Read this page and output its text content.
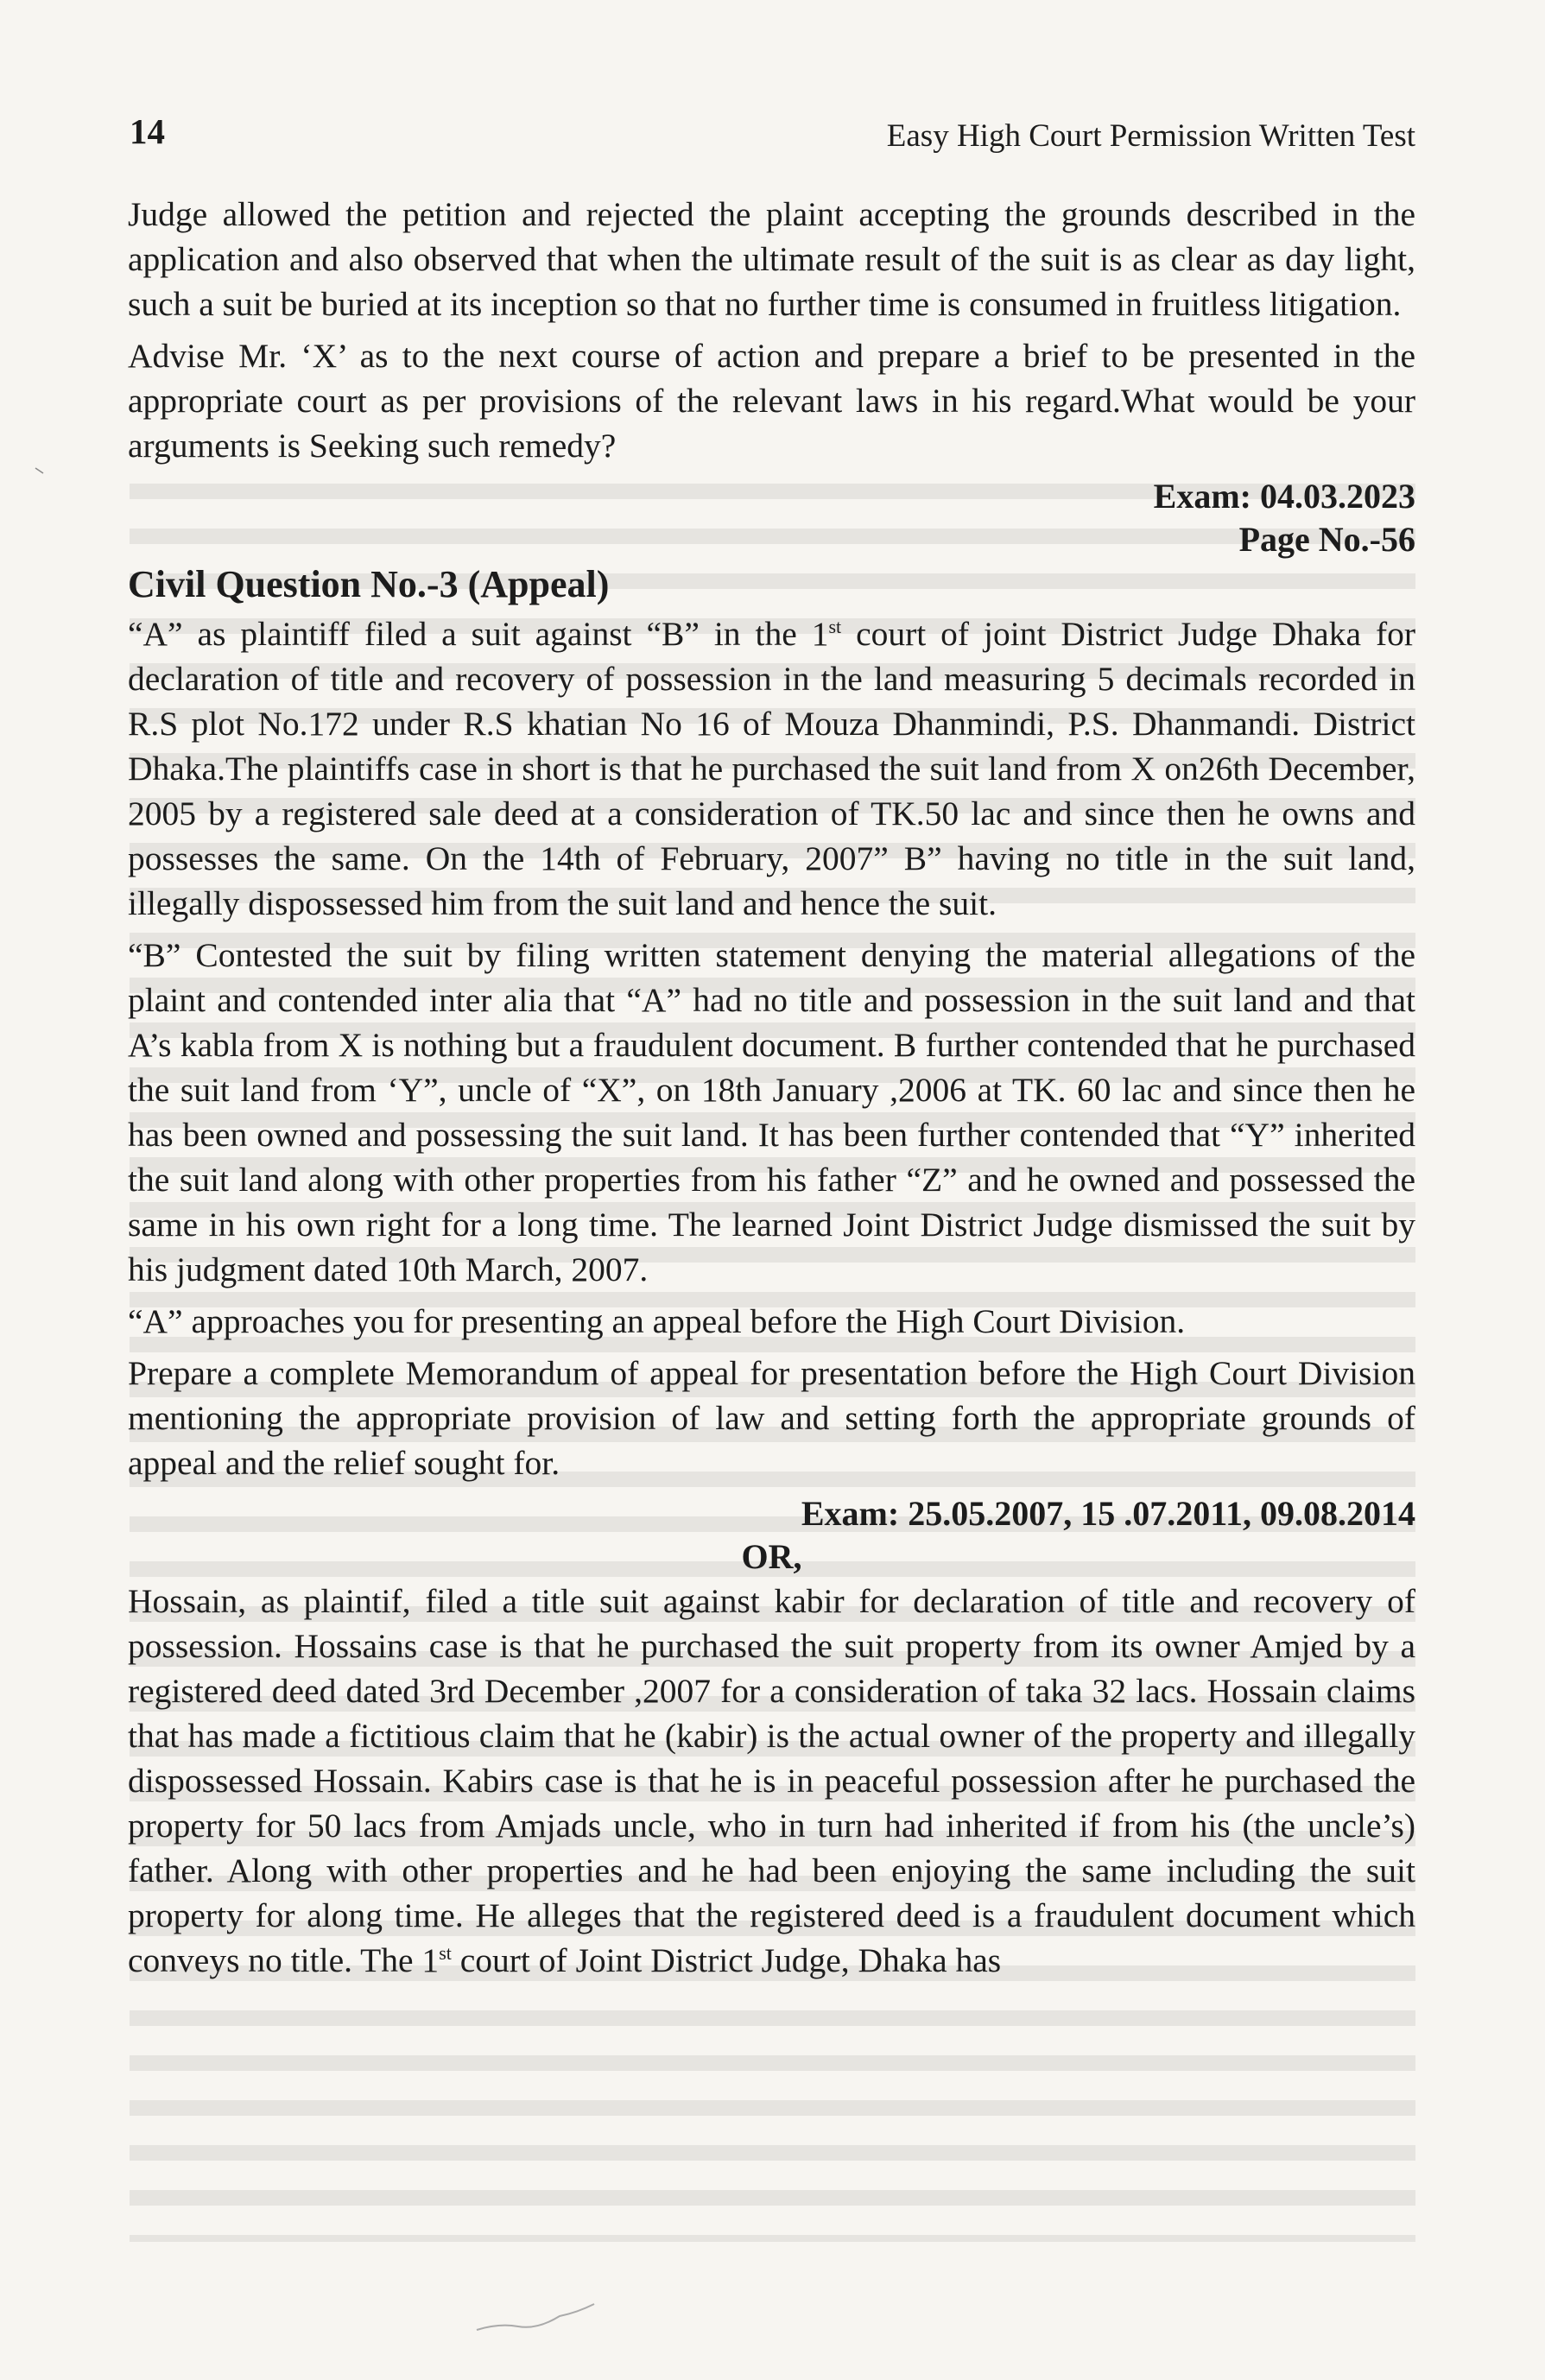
14	Easy High Court Permission Written Test

Judge allowed the petition and rejected the plaint accepting the grounds described in the application and also observed that when the ultimate result of the suit is as clear as day light, such a suit be buried at its inception so that no further time is consumed in fruitless litigation.

Advise Mr. ‘X’ as to the next course of action and prepare a brief to be presented in the appropriate court as per provisions of the relevant laws in his regard.What would be your arguments is Seeking such remedy?

Exam: 04.03.2023
Page No.-56
Civil Question No.-3 (Appeal)

“A” as plaintiff filed a suit against “B” in the 1st court of joint District Judge Dhaka for declaration of title and recovery of possession in the land measuring 5 decimals recorded in R.S plot No.172 under R.S khatian No 16 of Mouza Dhanmindi, P.S. Dhanmandi. District Dhaka.The plaintiffs case in short is that he purchased the suit land from X on26th December, 2005 by a registered sale deed at a consideration of TK.50 lac and since then he owns and possesses the same. On the 14th of February, 2007” B” having no title in the suit land, illegally dispossessed him from the suit land and hence the suit.

“B” Contested the suit by filing written statement denying the material allegations of the plaint and contended inter alia that “A” had no title and possession in the suit land and that A’s kabla from X is nothing but a fraudulent document. B further contended that he purchased the suit land from ‘Y”, uncle of “X”, on 18th January ,2006 at TK. 60 lac and since then he has been owned and possessing the suit land. It has been further contended that “Y” inherited the suit land along with other properties from his father “Z” and he owned and possessed the same in his own right for a long time. The learned Joint District Judge dismissed the suit by his judgment dated 10th March, 2007.

“A” approaches you for presenting an appeal before the High Court Division.

Prepare a complete Memorandum of appeal for presentation before the High Court Division mentioning the appropriate provision of law and setting forth the appropriate grounds of appeal and the relief sought for.

Exam: 25.05.2007, 15 .07.2011, 09.08.2014
OR,

Hossain, as plaintif, filed a title suit against kabir for declaration of title and recovery of possession. Hossains case is that he purchased the suit property from its owner Amjed by a registered deed dated 3rd December ,2007 for a consideration of taka 32 lacs. Hossain claims that has made a fictitious claim that he (kabir) is the actual owner of the property and illegally dispossessed Hossain. Kabirs case is that he is in peaceful possession after he purchased the property for 50 lacs from Amjads uncle, who in turn had inherited if from his (the uncle’s) father. Along with other properties and he had been enjoying the same including the suit property for along time. He alleges that the registered deed is a fraudulent document which conveys no title. The 1st court of Joint District Judge, Dhaka has
